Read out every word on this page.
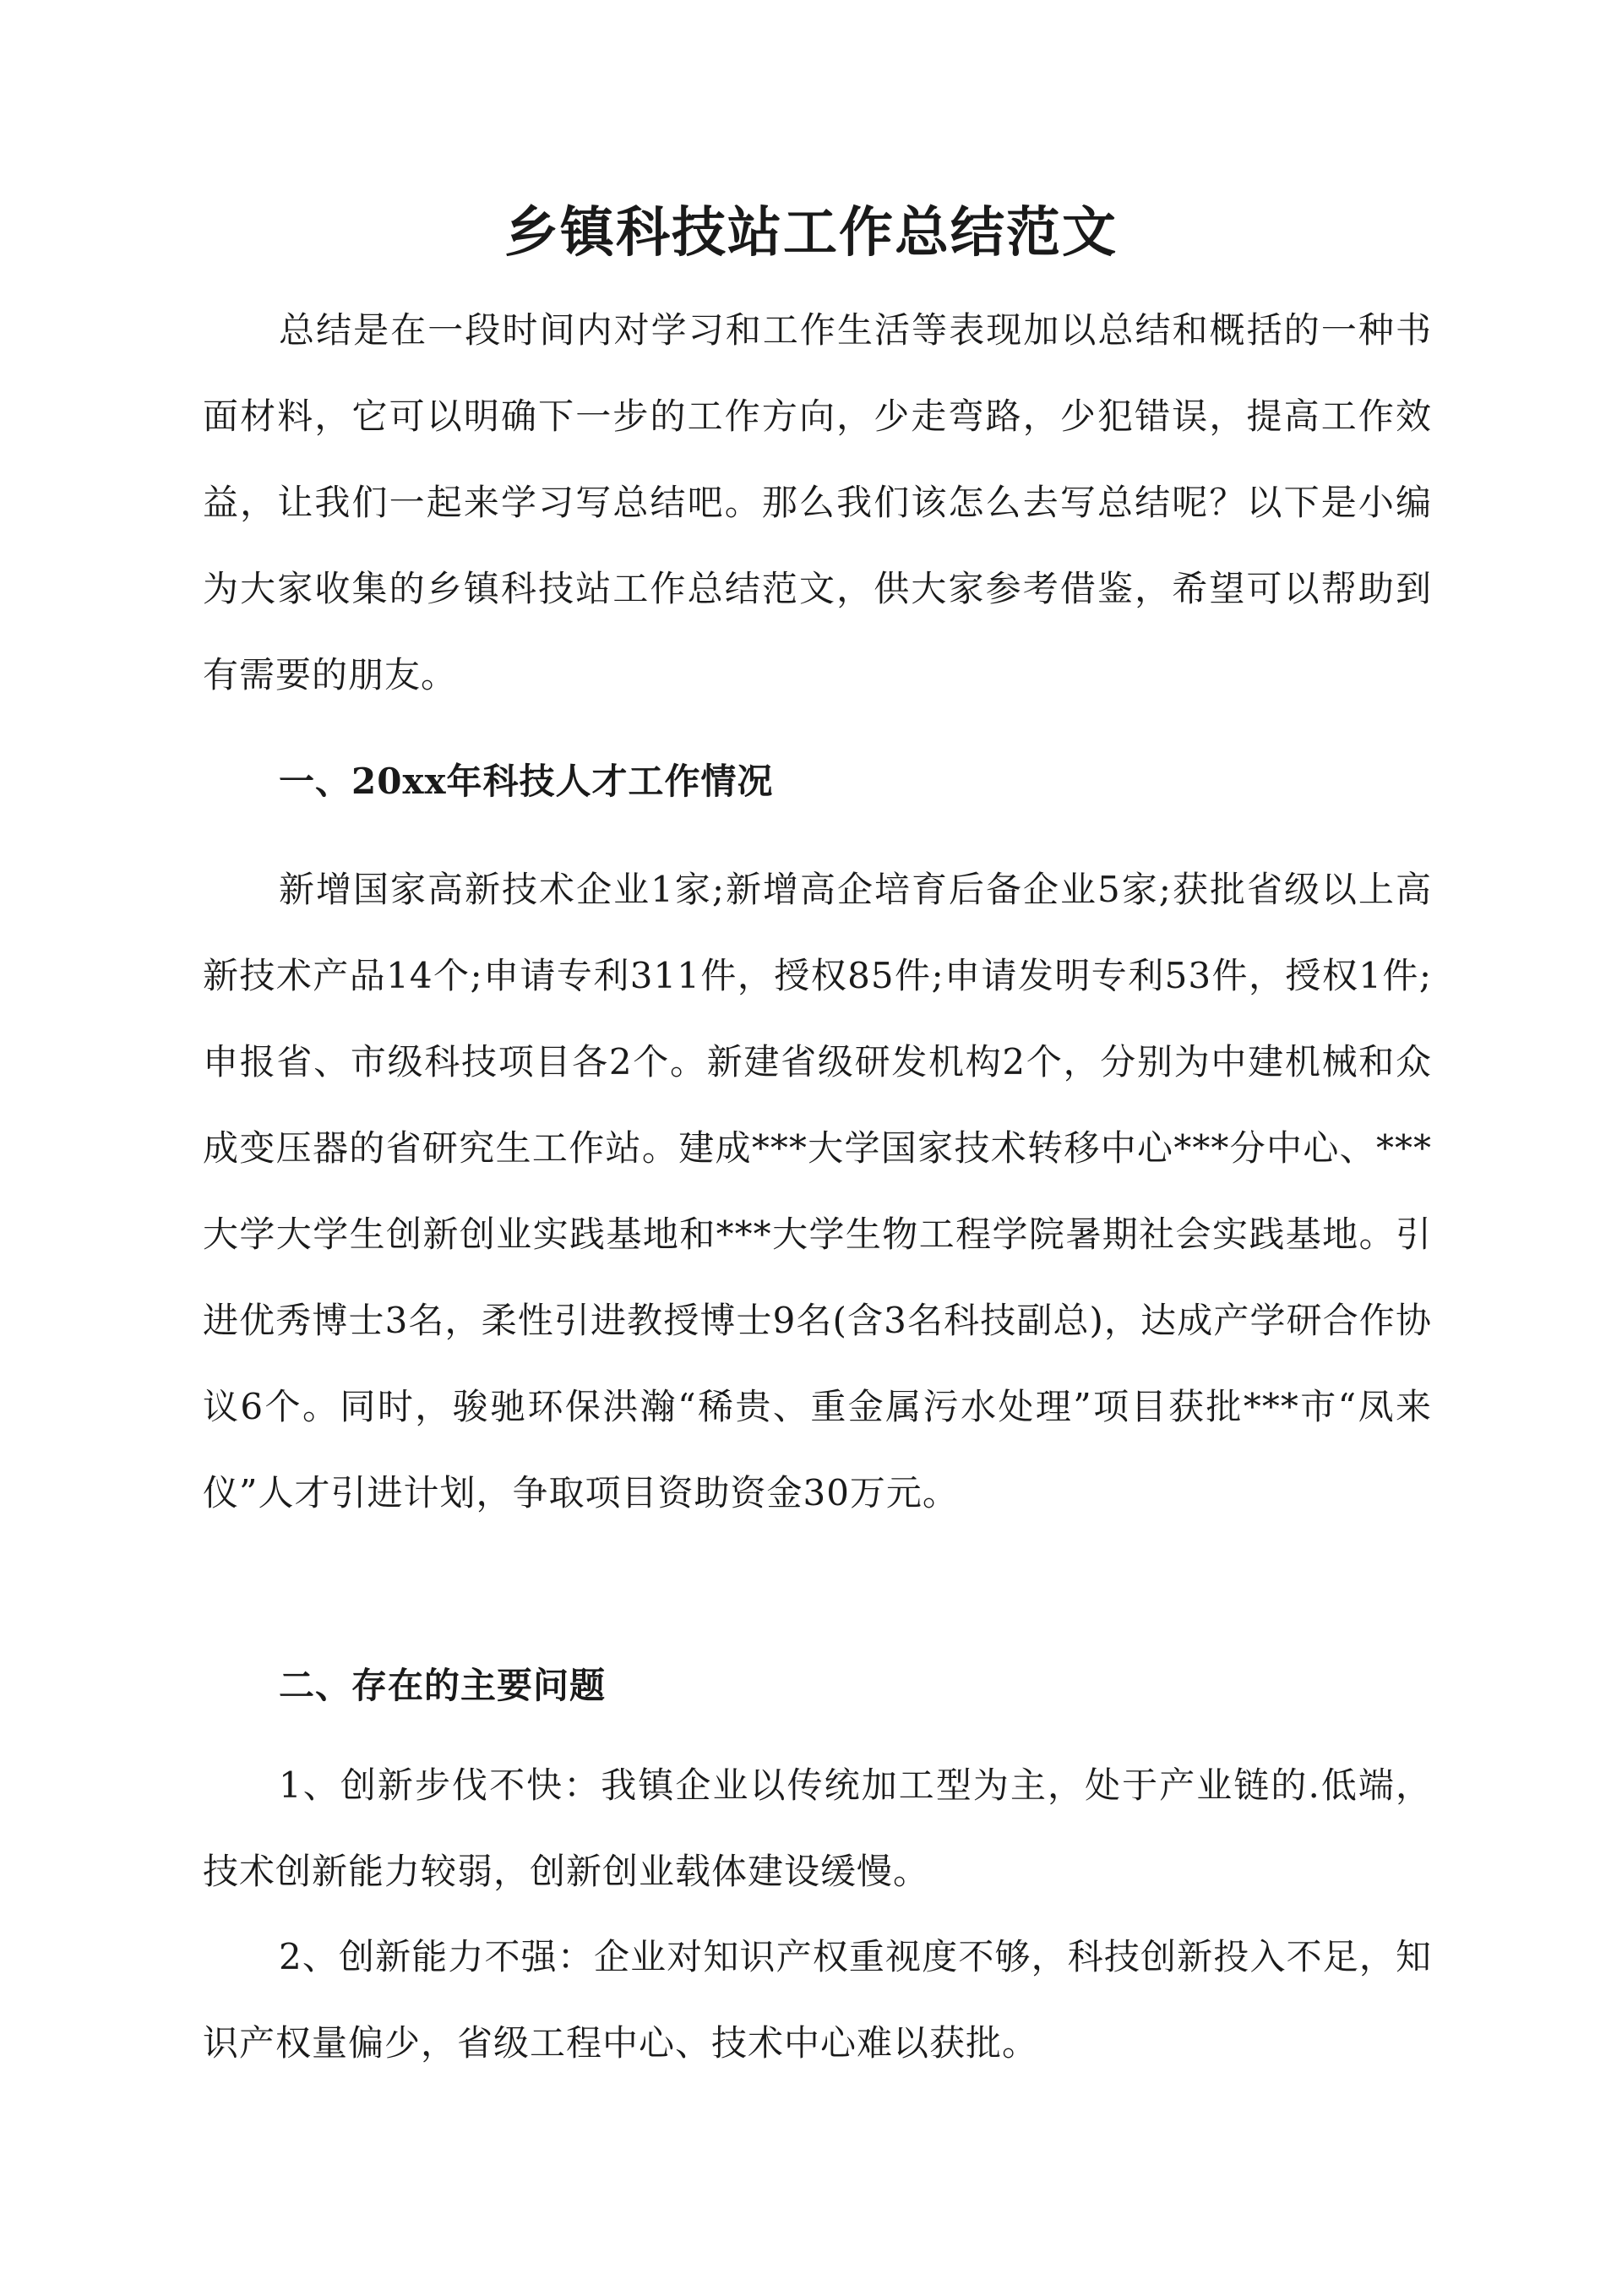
乡镇科技站工作总结范文

总结是在一段时间内对学习和工作生活等表现加以总结和概括的一种书面材料，它可以明确下一步的工作方向，少走弯路，少犯错误，提高工作效益，让我们一起来学习写总结吧。那么我们该怎么去写总结呢？以下是小编为大家收集的乡镇科技站工作总结范文，供大家参考借鉴，希望可以帮助到有需要的朋友。

一、20xx年科技人才工作情况

新增国家高新技术企业1家;新增高企培育后备企业5家;获批省级以上高新技术产品14个;申请专利311件，授权85件;申请发明专利53件，授权1件;申报省、市级科技项目各2个。新建省级研发机构2个，分别为中建机械和众成变压器的省研究生工作站。建成***大学国家技术转移中心***分中心、***大学大学生创新创业实践基地和***大学生物工程学院暑期社会实践基地。引进优秀博士3名，柔性引进教授博士9名(含3名科技副总)，达成产学研合作协议6个。同时，骏驰环保洪瀚“稀贵、重金属污水处理”项目获批***市“凤来仪”人才引进计划，争取项目资助资金30万元。

二、存在的主要问题

1、创新步伐不快：我镇企业以传统加工型为主，处于产业链的.低端，技术创新能力较弱，创新创业载体建设缓慢。

2、创新能力不强：企业对知识产权重视度不够，科技创新投入不足，知识产权量偏少，省级工程中心、技术中心难以获批。
